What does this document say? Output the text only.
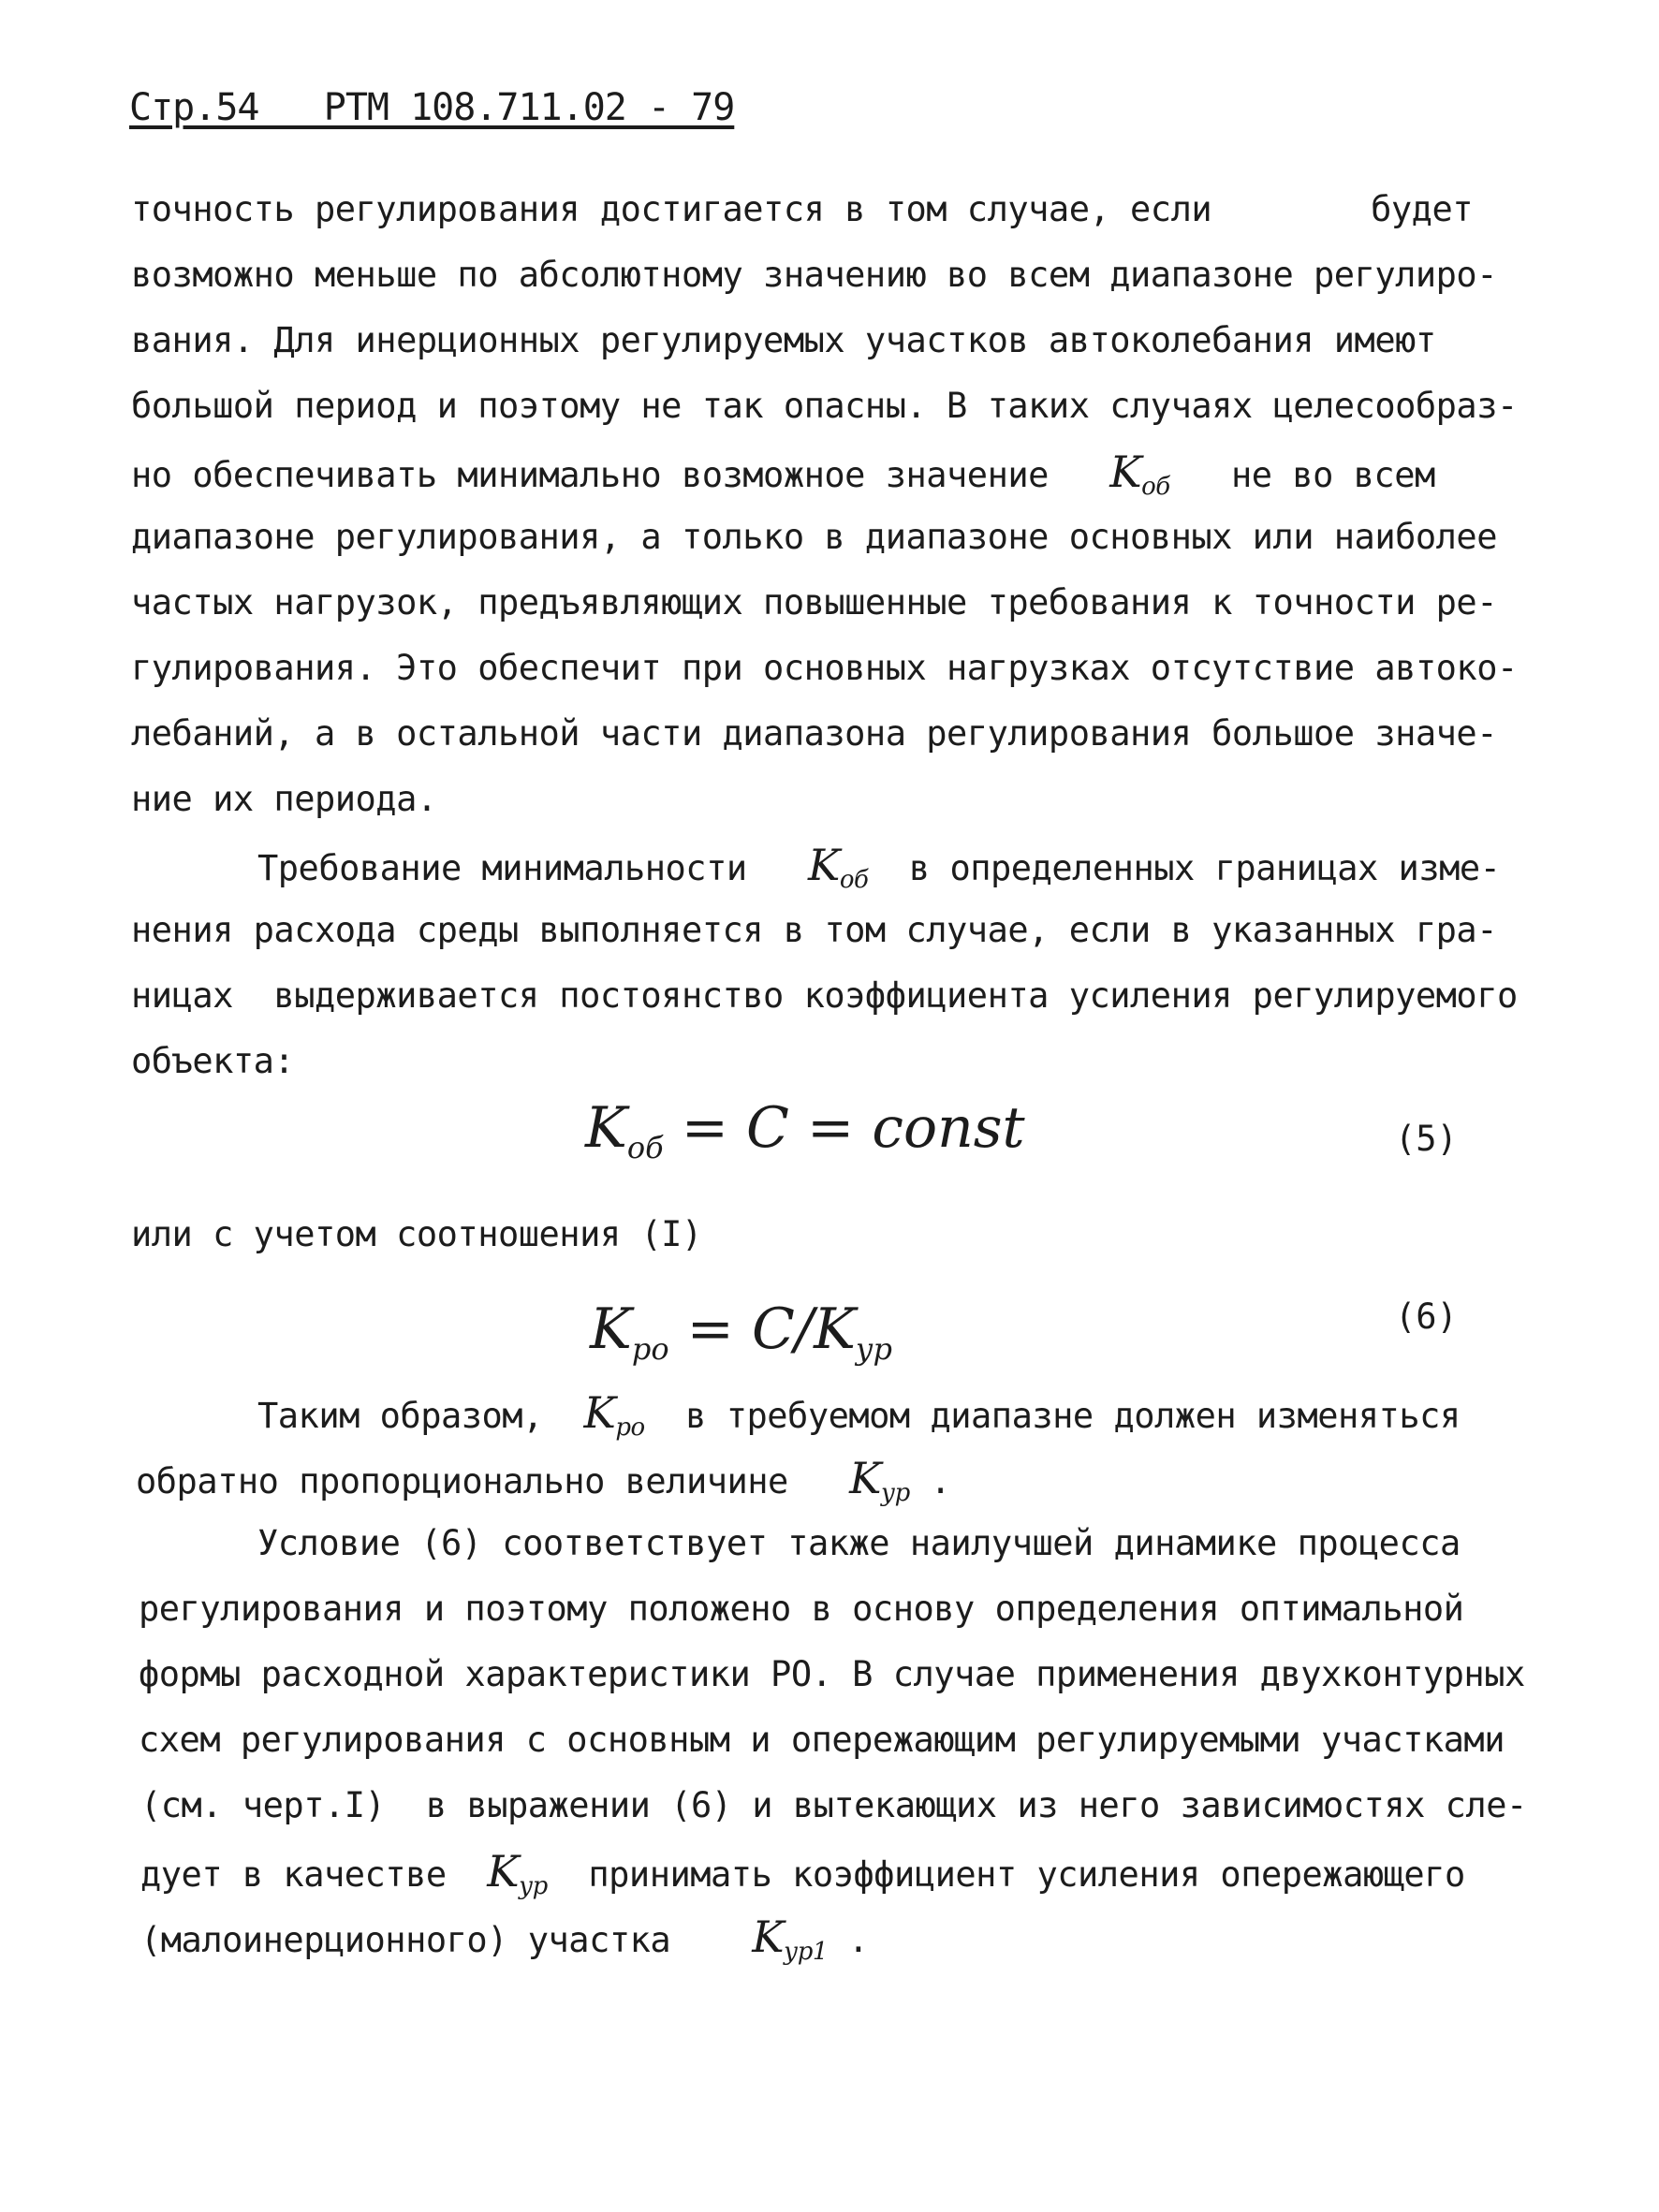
Стр.54   РТМ 108.711.02 - 79
точность регулирования достигается в том случае, если	будет
возможно меньше по абсолютному значению во всем диапазоне регулиро-
вания. Для инерционных регулируемых участков автоколебания имеют
большой период и поэтому не так опасны. В таких случаях целесообраз-
но обеспечивать минимально возможное значение $K_{об}$ не во всем
диапазоне регулирования, а только в диапазоне основных или наиболее
частых нагрузок, предъявляющих повышенные требования к точности ре-
гулирования. Это обеспечит при основных нагрузках отсутствие автоко-
лебаний, а в остальной части диапазона регулирования большое значе-
ние их периода.
Требование минимальности $K_{об}$ в определенных границах изме-
нения расхода среды выполняется в том случае, если в указанных гра-
ницах  выдерживается постоянство коэффициента усиления регулируемого
объекта:
$K_{об} = C$ = const	(5)
или с учетом соотношения (I)
$K_{ро} = C/K_{ур}$
(6)
Таким образом, $K_{ро}$ в требуемом диапазне должен изменяться
обратно пропорционально величине $K_{ур}$ .
Условие (6) соответствует также наилучшей динамике процесса
регулирования и поэтому положено в основу определения оптимальной
формы расходной характеристики РО. В случае применения двухконтурных
схем регулирования с основным и опережающим регулируемыми участками
(см. черт.I)  в выражении (6) и вытекающих из него зависимостях сле-
дует в качестве $K_{ур}$ принимать коэффициент усиления опережающего
(малоинерционного) участка $K_{ур1}$ .
